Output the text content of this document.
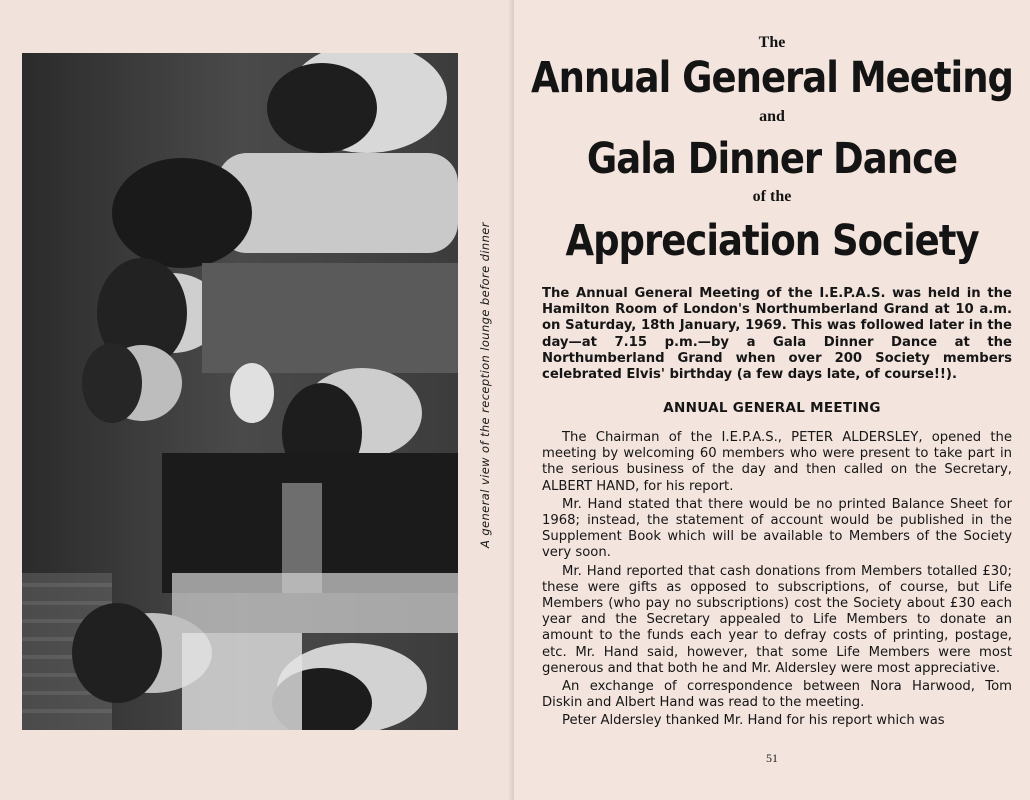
A general view of the reception lounge before dinner
The
Annual General Meeting
and
Gala Dinner Dance
of the
Appreciation Society

The Annual General Meeting of the I.E.P.A.S. was held in the Hamilton Room of London's Northumberland Grand at 10 a.m. on Saturday, 18th January, 1969. This was followed later in the day—at 7.15 p.m.—by a Gala Dinner Dance at the Northumberland Grand when over 200 Society members celebrated Elvis' birthday (a few days late, of course!!).

ANNUAL GENERAL MEETING

The Chairman of the I.E.P.A.S., PETER ALDERSLEY, opened the meeting by welcoming 60 members who were present to take part in the serious business of the day and then called on the Secretary, ALBERT HAND, for his report.

Mr. Hand stated that there would be no printed Balance Sheet for 1968; instead, the statement of account would be published in the Supplement Book which will be available to Members of the Society very soon.

Mr. Hand reported that cash donations from Members totalled £30; these were gifts as opposed to subscriptions, of course, but Life Members (who pay no subscriptions) cost the Society about £30 each year and the Secretary appealed to Life Members to donate an amount to the funds each year to defray costs of printing, postage, etc. Mr. Hand said, however, that some Life Members were most generous and that both he and Mr. Aldersley were most appreciative.

An exchange of correspondence between Nora Harwood, Tom Diskin and Albert Hand was read to the meeting.

Peter Aldersley thanked Mr. Hand for his report which was

51
